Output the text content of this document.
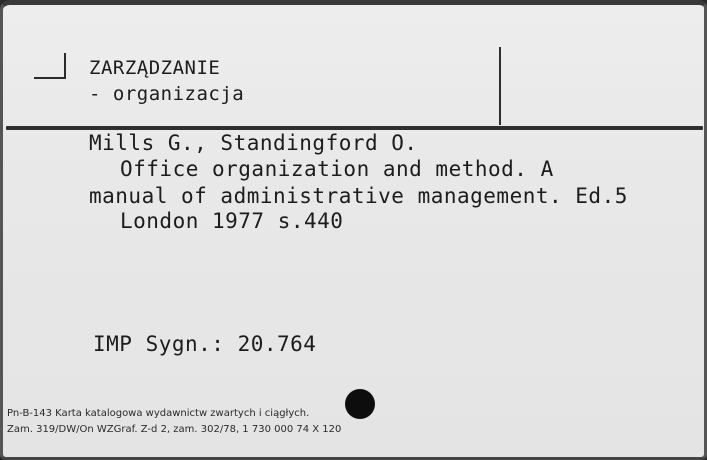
ZARZĄDZANIE
- organizacja
Mills G., Standingford O.
Office organization and method. A
manual of administrative management. Ed.5
London 1977 s.440
IMP Sygn.: 20.764
Pn-B-143 Karta katalogowa wydawnictw zwartych i ciągłych.
Zam. 319/DW/On WZGraf. Z-d 2, zam. 302/78, 1 730 000 74 X 120
